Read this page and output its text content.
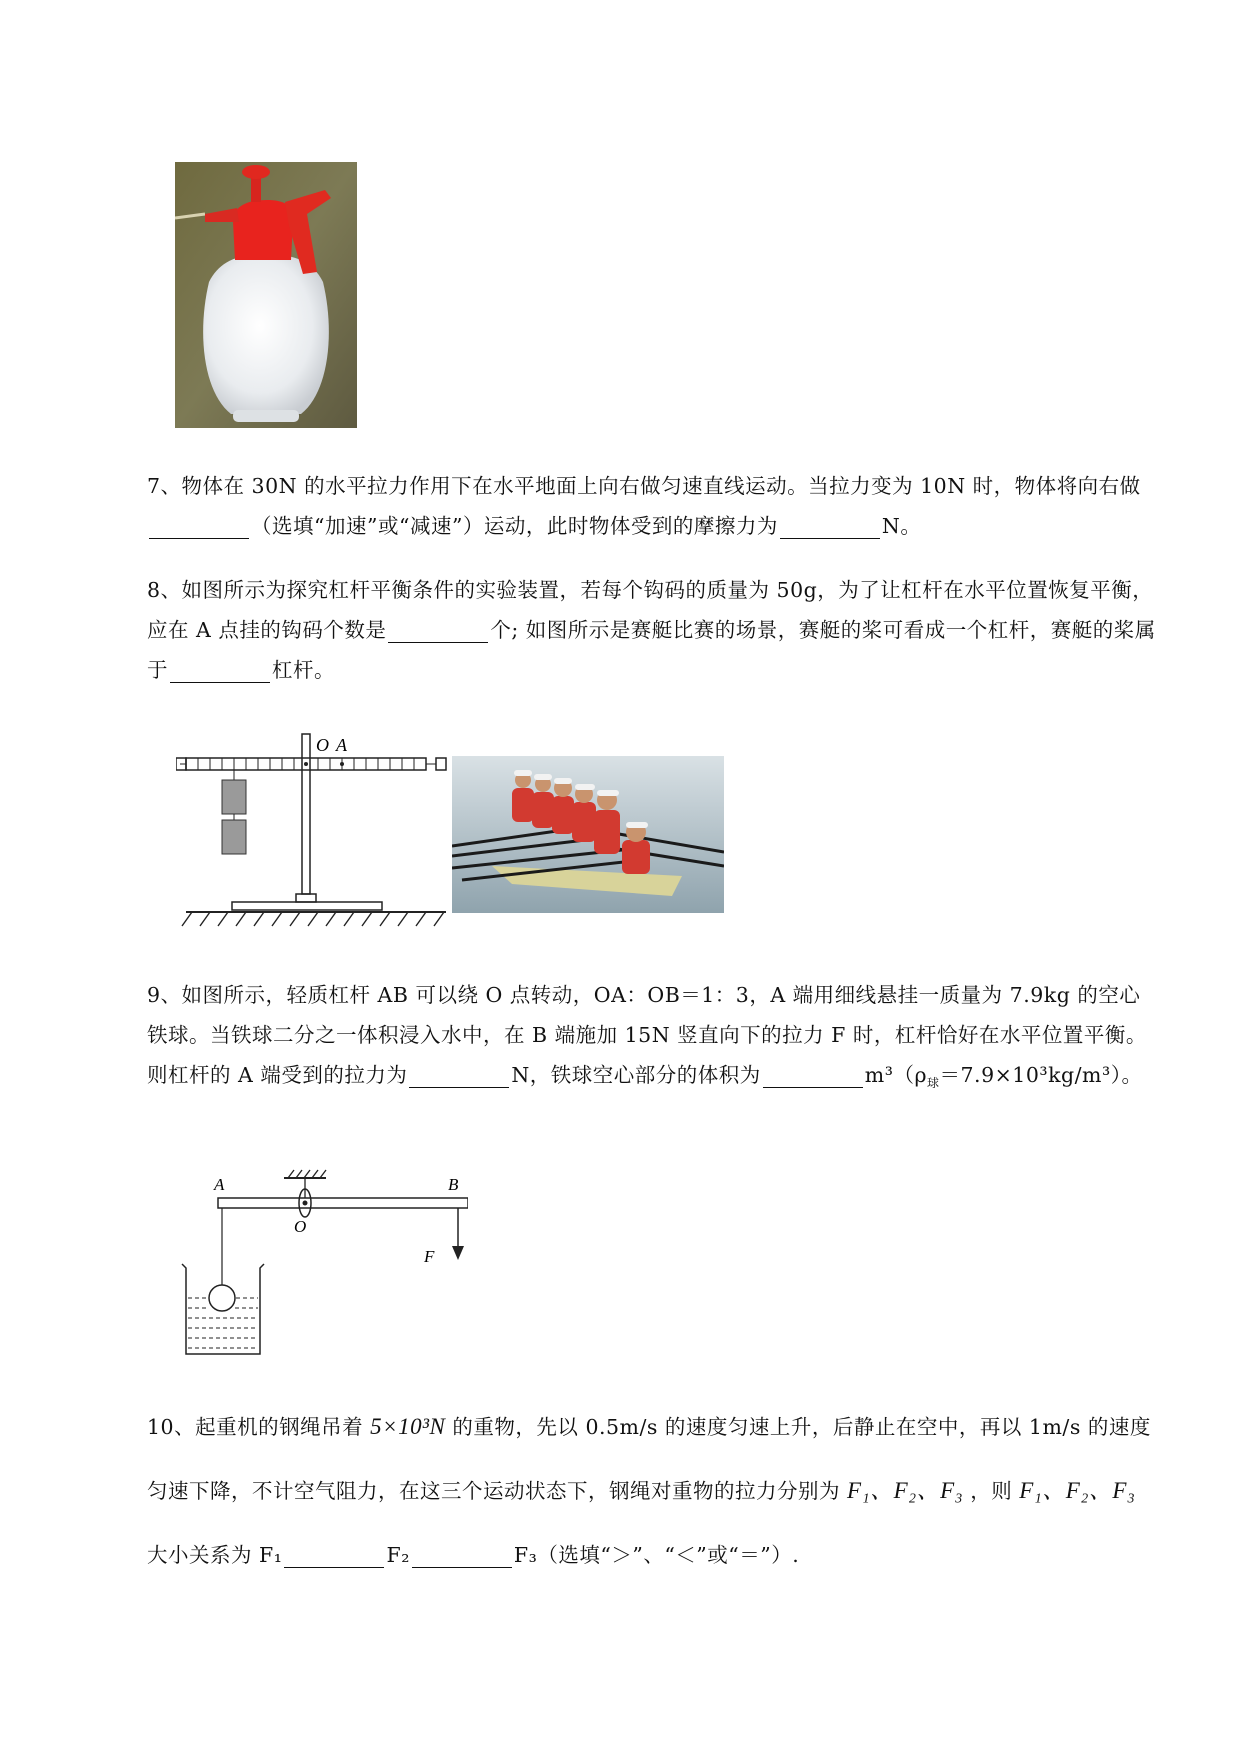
7、物体在 30N 的水平拉力作用下在水平地面上向右做匀速直线运动。当拉力变为 10N 时，物体将向右做（选填“加速”或“减速”）运动，此时物体受到的摩擦力为	N。
8、如图所示为探究杠杆平衡条件的实验装置，若每个钩码的质量为 50g，为了让杠杆在水平位置恢复平衡，应在 A 点挂的钩码个数是	个; 如图所示是赛艇比赛的场景，赛艇的桨可看成一个杠杆，赛艇的桨属于	杠杆。
O A
9、如图所示，轻质杠杆 AB 可以绕 O 点转动，OA：OB＝1：3，A 端用细线悬挂一质量为 7.9kg 的空心铁球。当铁球二分之一体积浸入水中，在 B 端施加 15N 竖直向下的拉力 F 时，杠杆恰好在水平位置平衡。则杠杆的 A 端受到的拉力为	N，铁球空心部分的体积为	$m^3(\rho_球=7.9\times 10^3kg/m^3)$。
A	B
O
F
10、起重机的钢绳吊着 5×10³N 的重物，先以 0.5m/s 的速度匀速上升，后静止在空中，再以 1m/s 的速度匀速下降，不计空气阻力，在这三个运动状态下，钢绳对重物的拉力分别为 F₁、F₂、F₃ ，则 F₁、F₂、F₃ 大小关系为 F₁	F₂	F₃（选填“＞”、“＜”或“＝”）.
